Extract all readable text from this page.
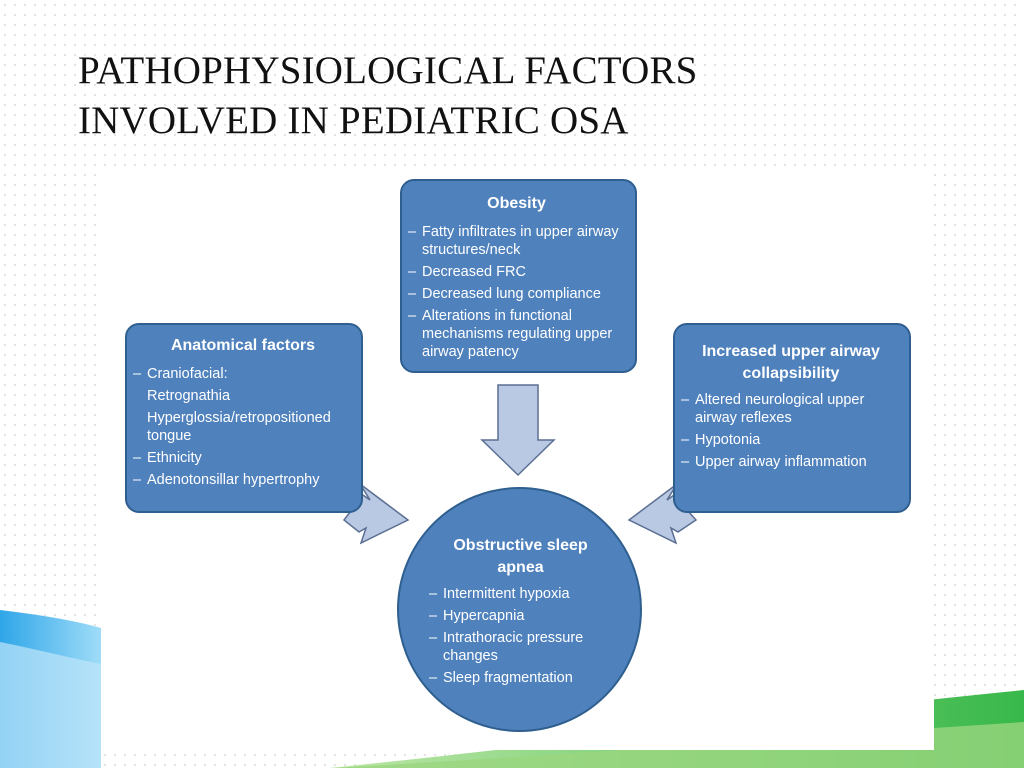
PATHOPHYSIOLOGICAL FACTORS
INVOLVED IN PEDIATRIC OSA
Obesity
– Fatty infiltrates in upper airway structures/neck
– Decreased FRC
– Decreased lung compliance
– Alterations in functional mechanisms regulating upper airway patency
Anatomical factors
– Craniofacial:
Retrognathia
Hyperglossia/retropositioned tongue
– Ethnicity
– Adenotonsillar hypertrophy
Increased upper airway collapsibility
– Altered neurological upper airway reflexes
– Hypotonia
– Upper airway inflammation
Obstructive sleep apnea
– Intermittent hypoxia
– Hypercapnia
– Intrathoracic pressure changes
– Sleep fragmentation
